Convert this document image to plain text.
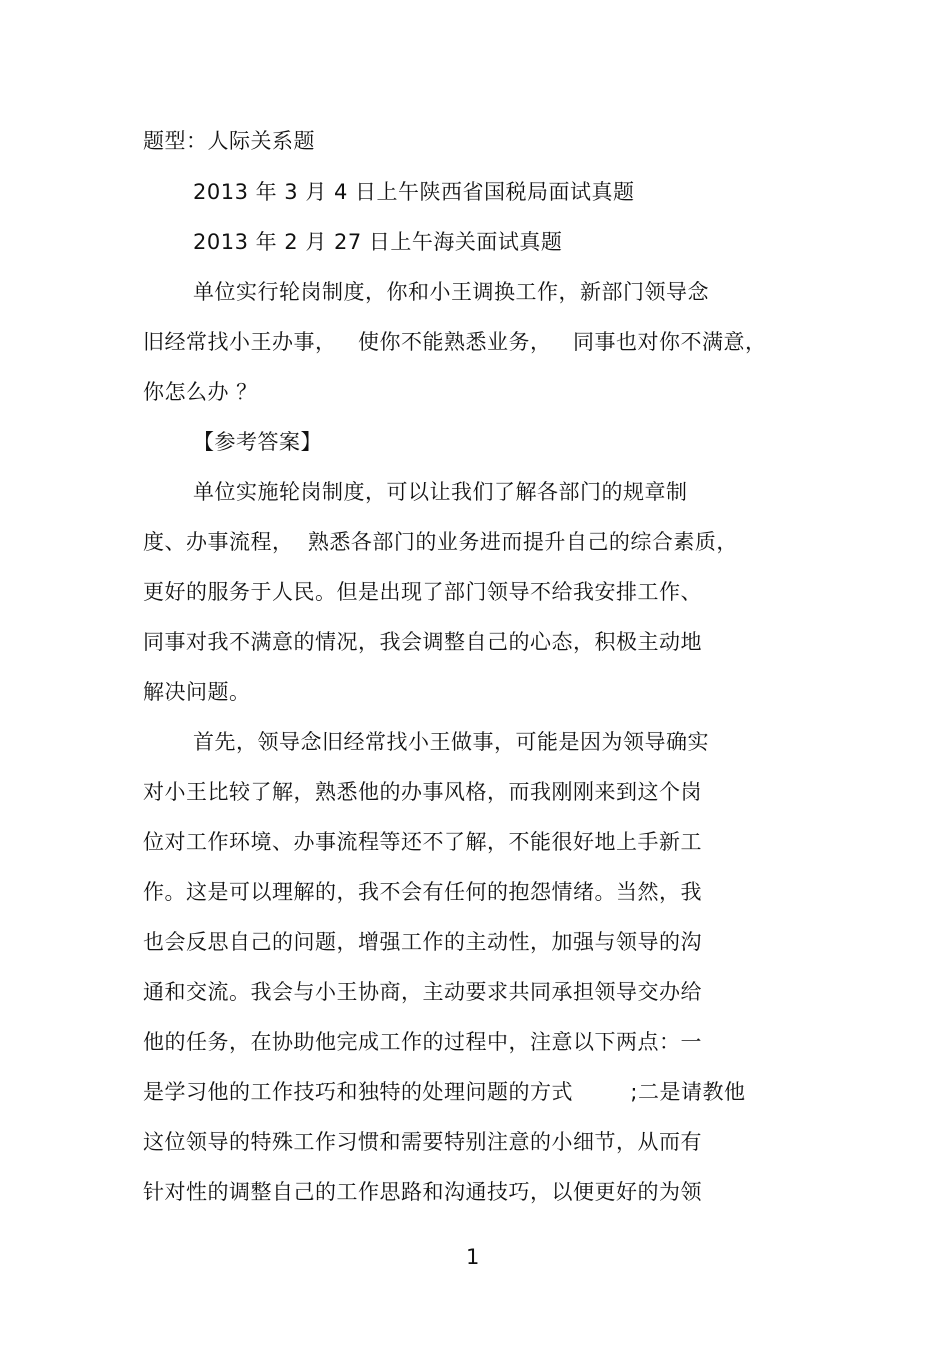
题型：人际关系题
2013 年 3 月 4 日上午陕西省国税局面试真题
2013 年 2 月 27 日上午海关面试真题
单位实行轮岗制度，你和小王调换工作，新部门领导念
旧经常找小王办事，   使你不能熟悉业务，   同事也对你不满意，
你怎么办 ？
【参考答案】
单位实施轮岗制度，可以让我们了解各部门的规章制
度、办事流程，  熟悉各部门的业务进而提升自己的综合素质，
更好的服务于人民。但是出现了部门领导不给我安排工作、
同事对我不满意的情况，我会调整自己的心态，积极主动地
解决问题。
首先，领导念旧经常找小王做事，可能是因为领导确实
对小王比较了解，熟悉他的办事风格，而我刚刚来到这个岗
位对工作环境、办事流程等还不了解，不能很好地上手新工
作。这是可以理解的，我不会有任何的抱怨情绪。当然，我
也会反思自己的问题，增强工作的主动性，加强与领导的沟
通和交流。我会与小王协商，主动要求共同承担领导交办给
他的任务，在协助他完成工作的过程中，注意以下两点：一
是学习他的工作技巧和独特的处理问题的方式        ;二是请教他
这位领导的特殊工作习惯和需要特别注意的小细节，从而有
针对性的调整自己的工作思路和沟通技巧，以便更好的为领
1
